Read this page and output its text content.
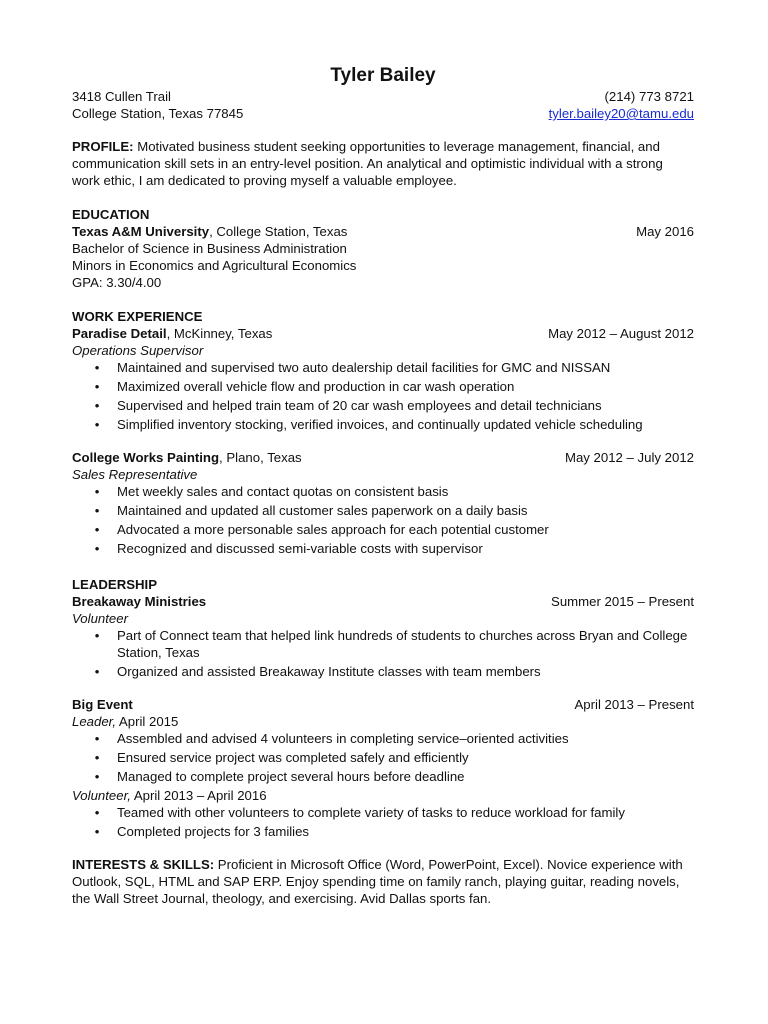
Tyler Bailey
3418 Cullen Trail	(214) 773 8721
College Station, Texas 77845	tyler.bailey20@tamu.edu

PROFILE: Motivated business student seeking opportunities to leverage management, financial, and communication skill sets in an entry-level position. An analytical and optimistic individual with a strong work ethic, I am dedicated to proving myself a valuable employee.

EDUCATION
Texas A&M University, College Station, Texas	May 2016
Bachelor of Science in Business Administration
Minors in Economics and Agricultural Economics
GPA: 3.30/4.00
WORK EXPERIENCE
Paradise Detail, McKinney, Texas	May 2012 – August 2012
Operations Supervisor
• Maintained and supervised two auto dealership detail facilities for GMC and NISSAN
• Maximized overall vehicle flow and production in car wash operation
• Supervised and helped train team of 20 car wash employees and detail technicians
• Simplified inventory stocking, verified invoices, and continually updated vehicle scheduling
College Works Painting, Plano, Texas	May 2012 – July 2012
Sales Representative
• Met weekly sales and contact quotas on consistent basis
• Maintained and updated all customer sales paperwork on a daily basis
• Advocated a more personable sales approach for each potential customer
• Recognized and discussed semi-variable costs with supervisor
LEADERSHIP
Breakaway Ministries	Summer 2015 – Present
Volunteer
• Part of Connect team that helped link hundreds of students to churches across Bryan and College Station, Texas
• Organized and assisted Breakaway Institute classes with team members
Big Event	April 2013 – Present
Leader, April 2015
• Assembled and advised 4 volunteers in completing service–oriented activities
• Ensured service project was completed safely and efficiently
• Managed to complete project several hours before deadline
Volunteer, April 2013 – April 2016
• Teamed with other volunteers to complete variety of tasks to reduce workload for family
• Completed projects for 3 families

INTERESTS & SKILLS: Proficient in Microsoft Office (Word, PowerPoint, Excel). Novice experience with Outlook, SQL, HTML and SAP ERP. Enjoy spending time on family ranch, playing guitar, reading novels, the Wall Street Journal, theology, and exercising. Avid Dallas sports fan.
